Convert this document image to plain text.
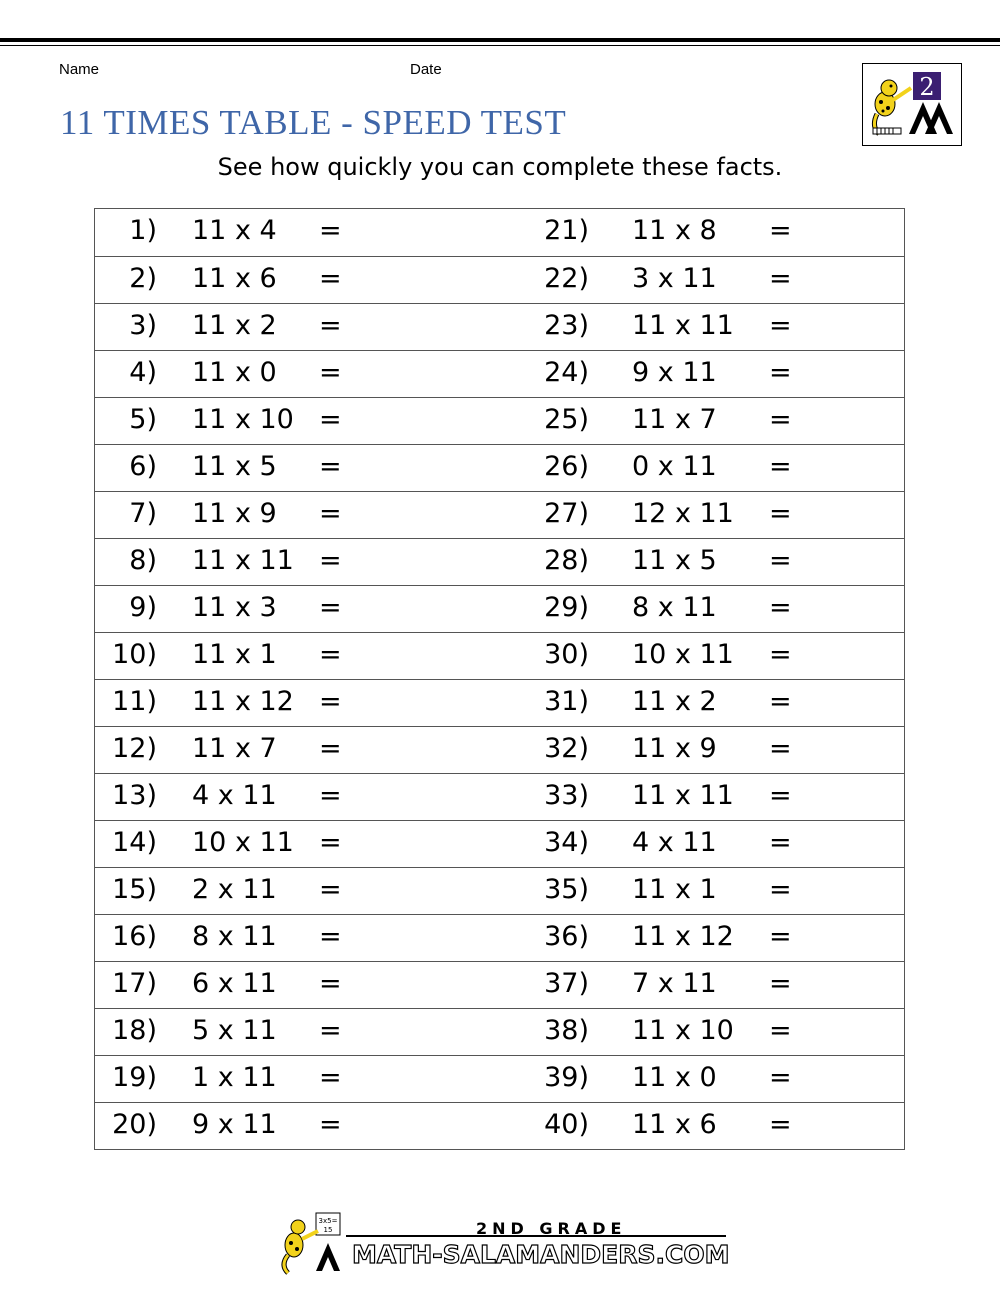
Name	Date
11 TIMES TABLE - SPEED TEST
2
See how quickly you can complete these facts.
1) 11 x 4 =	21) 11 x 8 =
2) 11 x 6 =	22) 3 x 11 =
3) 11 x 2 =	23) 11 x 11 =
4) 11 x 0 =	24) 9 x 11 =
5) 11 x 10 =	25) 11 x 7 =
6) 11 x 5 =	26) 0 x 11 =
7) 11 x 9 =	27) 12 x 11 =
8) 11 x 11 =	28) 11 x 5 =
9) 11 x 3 =	29) 8 x 11 =
10) 11 x 1 =	30) 10 x 11 =
11) 11 x 12 =	31) 11 x 2 =
12) 11 x 7 =	32) 11 x 9 =
13) 4 x 11 =	33) 11 x 11 =
14) 10 x 11 =	34) 4 x 11 =
15) 2 x 11 =	35) 11 x 1 =
16) 8 x 11 =	36) 11 x 12 =
17) 6 x 11 =	37) 7 x 11 =
18) 5 x 11 =	38) 11 x 10 =
19) 1 x 11 =	39) 11 x 0 =
20) 9 x 11 =	40) 11 x 6 =
3x5=
15	2ND GRADE
MATH-SALAMANDERS.COM
